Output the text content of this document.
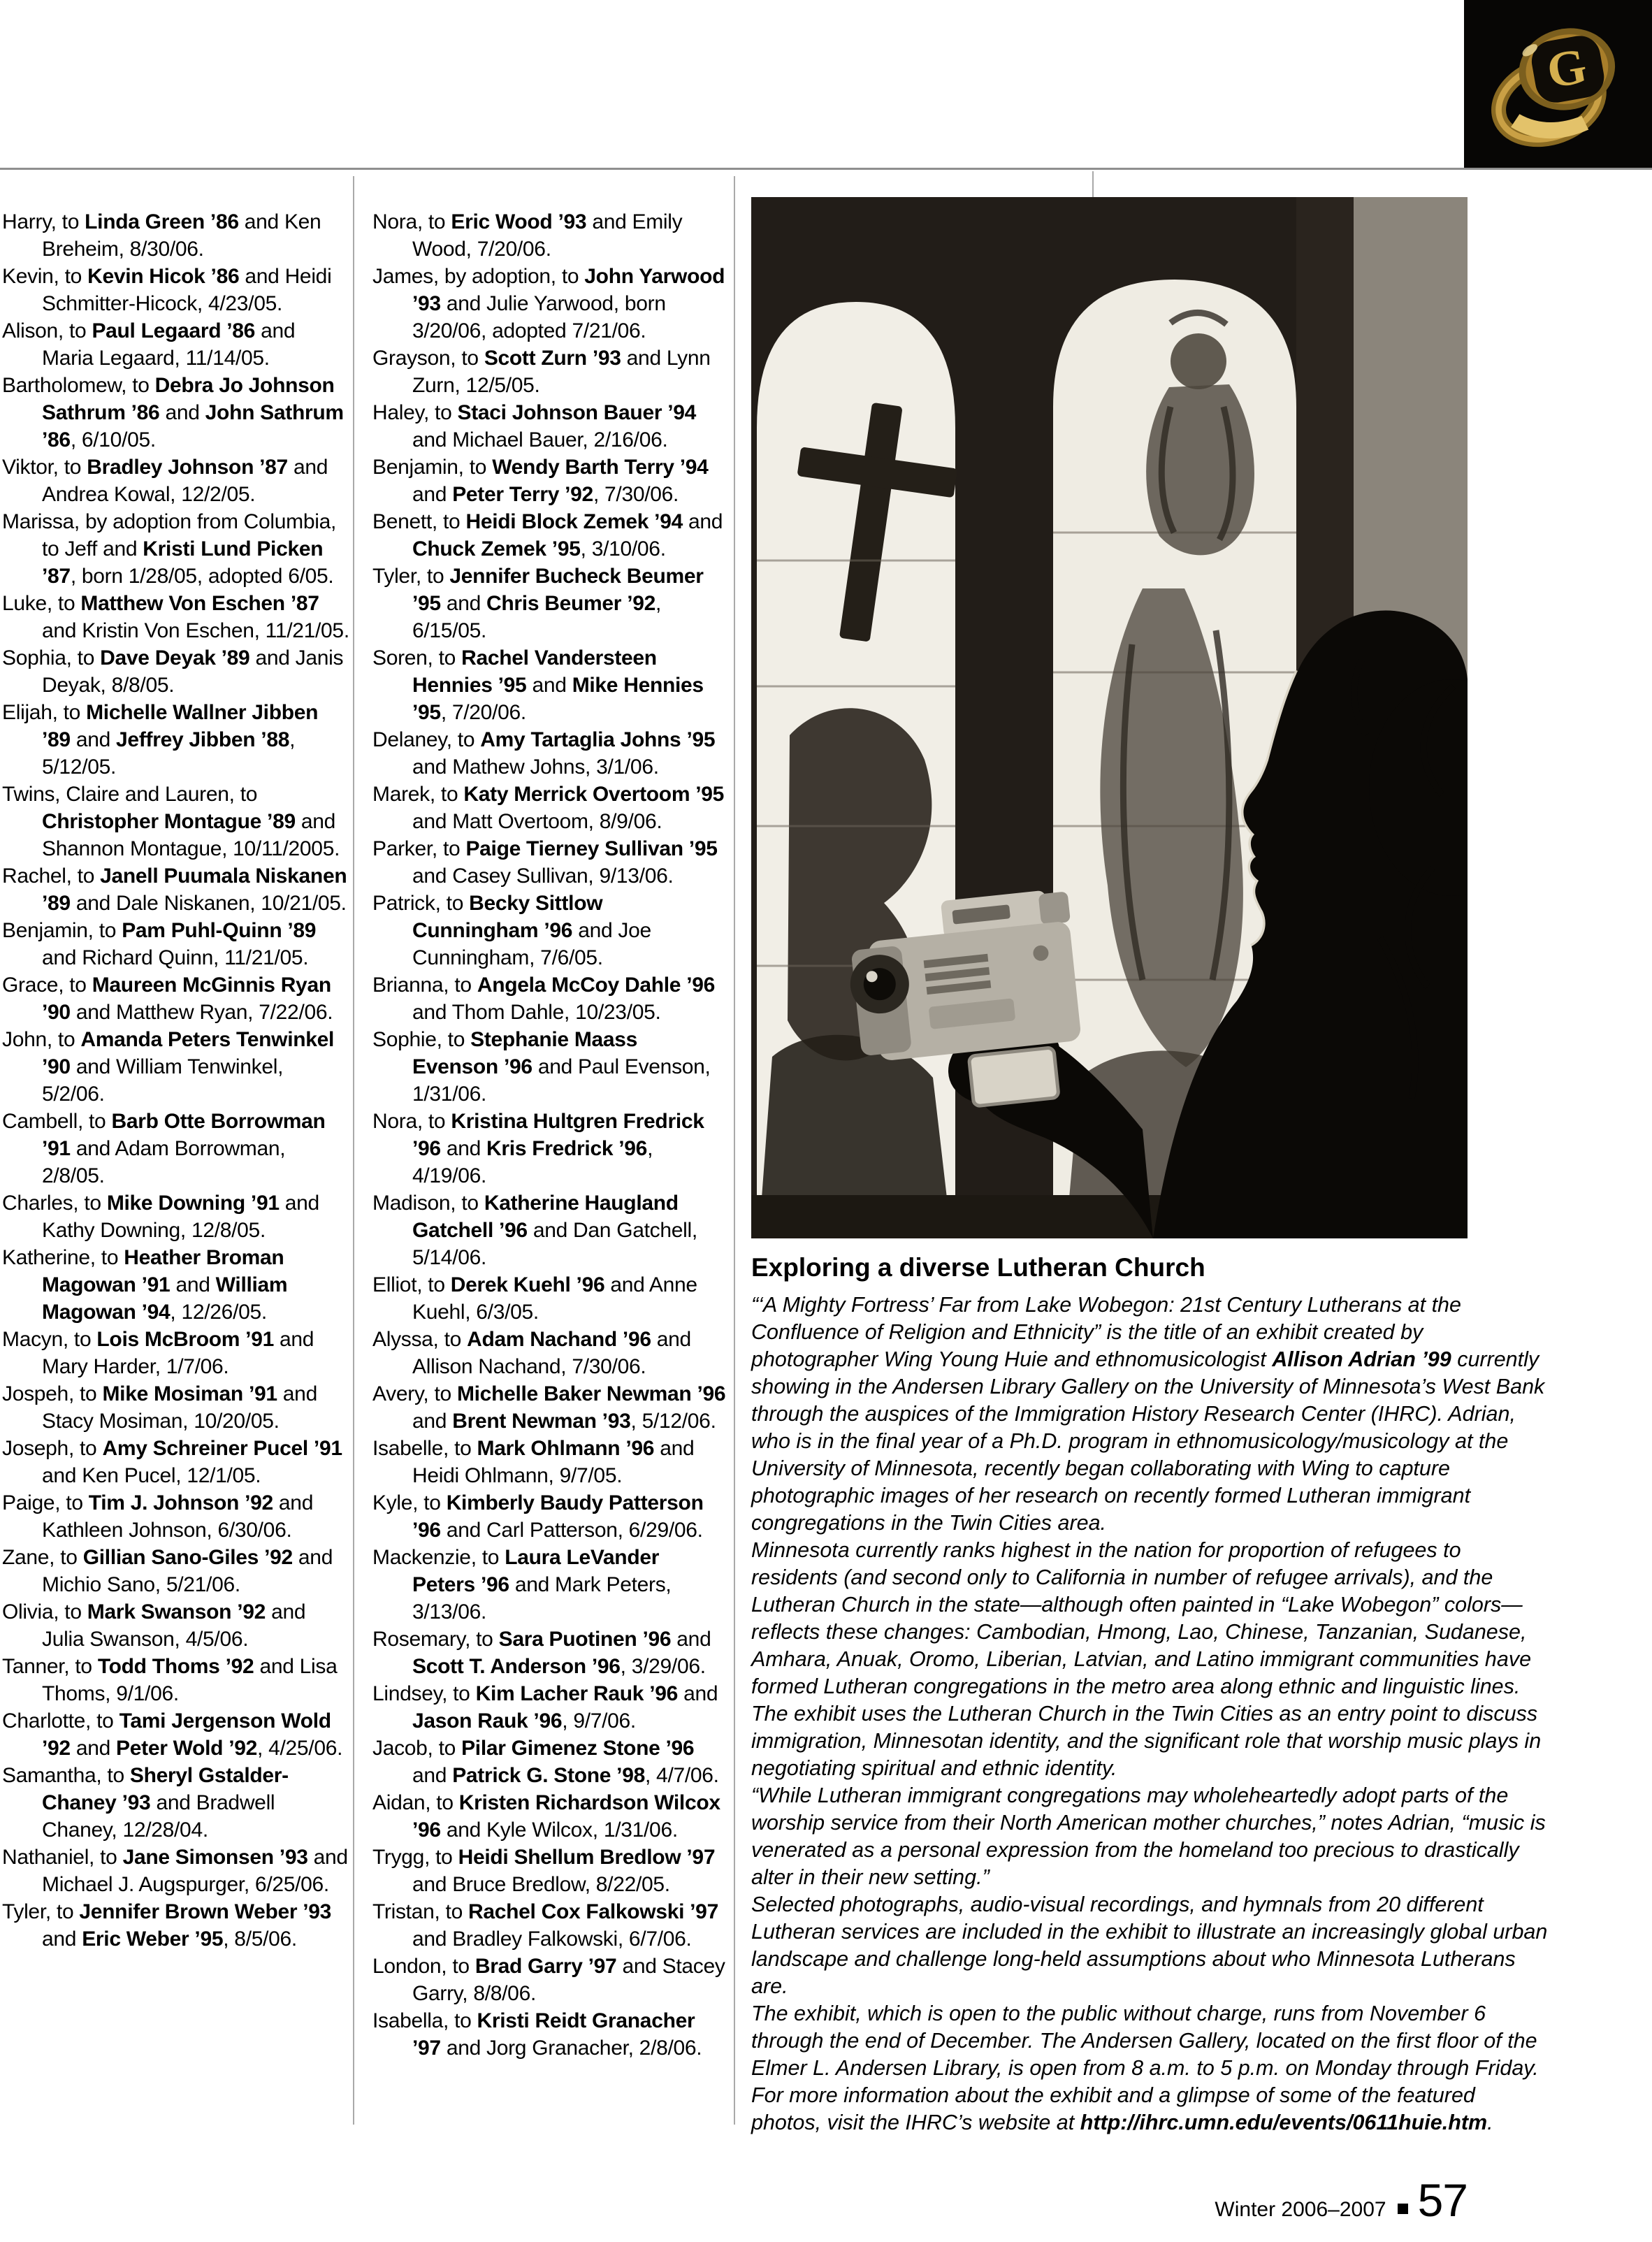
G

Harry, to Linda Green ’86 and Ken Breheim, 8/30/06.

Kevin, to Kevin Hicok ’86 and Heidi Schmitter-Hicock, 4/23/05.

Alison, to Paul Legaard ’86 and Maria Legaard, 11/14/05.

Bartholomew, to Debra Jo Johnson Sathrum ’86 and John Sathrum ’86, 6/10/05.

Viktor, to Bradley Johnson ’87 and Andrea Kowal, 12/2/05.

Marissa, by adoption from Columbia, to Jeff and Kristi Lund Picken ’87, born 1/28/05, adopted 6/05.

Luke, to Matthew Von Eschen ’87 and Kristin Von Eschen, 11/21/05.

Sophia, to Dave Deyak ’89 and Janis Deyak, 8/8/05.

Elijah, to Michelle Wallner Jibben ’89 and Jeffrey Jibben ’88, 5/12/05.

Twins, Claire and Lauren, to Christopher Montague ’89 and Shannon Montague, 10/11/2005.

Rachel, to Janell Puumala Niskanen ’89 and Dale Niskanen, 10/21/05.

Benjamin, to Pam Puhl-Quinn ’89 and Richard Quinn, 11/21/05.

Grace, to Maureen McGinnis Ryan ’90 and Matthew Ryan, 7/22/06.

John, to Amanda Peters Tenwinkel ’90 and William Tenwinkel, 5/2/06.

Cambell, to Barb Otte Borrowman ’91 and Adam Borrowman, 2/8/05.

Charles, to Mike Downing ’91 and Kathy Downing, 12/8/05.

Katherine, to Heather Broman Magowan ’91 and William Magowan ’94, 12/26/05.

Macyn, to Lois McBroom ’91 and Mary Harder, 1/7/06.

Jospeh, to Mike Mosiman ’91 and Stacy Mosiman, 10/20/05.

Joseph, to Amy Schreiner Pucel ’91 and Ken Pucel, 12/1/05.

Paige, to Tim J. Johnson ’92 and Kathleen Johnson, 6/30/06.

Zane, to Gillian Sano-Giles ’92 and Michio Sano, 5/21/06.

Olivia, to Mark Swanson ’92 and Julia Swanson, 4/5/06.

Tanner, to Todd Thoms ’92 and Lisa Thoms, 9/1/06.

Charlotte, to Tami Jergenson Wold ’92 and Peter Wold ’92, 4/25/06.

Samantha, to Sheryl Gstalder-Chaney ’93 and Bradwell Chaney, 12/28/04.

Nathaniel, to Jane Simonsen ’93 and Michael J. Augspurger, 6/25/06.

Tyler, to Jennifer Brown Weber ’93 and Eric Weber ’95, 8/5/06.

Nora, to Eric Wood ’93 and Emily Wood, 7/20/06.

James, by adoption, to John Yarwood ’93 and Julie Yarwood, born 3/20/06, adopted 7/21/06.

Grayson, to Scott Zurn ’93 and Lynn Zurn, 12/5/05.

Haley, to Staci Johnson Bauer ’94 and Michael Bauer, 2/16/06.

Benjamin, to Wendy Barth Terry ’94 and Peter Terry ’92, 7/30/06.

Benett, to Heidi Block Zemek ’94 and Chuck Zemek ’95, 3/10/06.

Tyler, to Jennifer Bucheck Beumer ’95 and Chris Beumer ’92, 6/15/05.

Soren, to Rachel Vandersteen Hennies ’95 and Mike Hennies ’95, 7/20/06.

Delaney, to Amy Tartaglia Johns ’95 and Mathew Johns, 3/1/06.

Marek, to Katy Merrick Overtoom ’95 and Matt Overtoom, 8/9/06.

Parker, to Paige Tierney Sullivan ’95 and Casey Sullivan, 9/13/06.

Patrick, to Becky Sittlow Cunningham ’96 and Joe Cunningham, 7/6/05.

Brianna, to Angela McCoy Dahle ’96 and Thom Dahle, 10/23/05.

Sophie, to Stephanie Maass Evenson ’96 and Paul Evenson, 1/31/06.

Nora, to Kristina Hultgren Fredrick ’96 and Kris Fredrick ’96, 4/19/06.

Madison, to Katherine Haugland Gatchell ’96 and Dan Gatchell, 5/14/06.

Elliot, to Derek Kuehl ’96 and Anne Kuehl, 6/3/05.

Alyssa, to Adam Nachand ’96 and Allison Nachand, 7/30/06.

Avery, to Michelle Baker Newman ’96 and Brent Newman ’93, 5/12/06.

Isabelle, to Mark Ohlmann ’96 and Heidi Ohlmann, 9/7/05.

Kyle, to Kimberly Baudy Patterson ’96 and Carl Patterson, 6/29/06.

Mackenzie, to Laura LeVander Peters ’96 and Mark Peters, 3/13/06.

Rosemary, to Sara Puotinen ’96 and Scott T. Anderson ’96, 3/29/06.

Lindsey, to Kim Lacher Rauk ’96 and Jason Rauk ’96, 9/7/06.

Jacob, to Pilar Gimenez Stone ’96 and Patrick G. Stone ’98, 4/7/06.

Aidan, to Kristen Richardson Wilcox ’96 and Kyle Wilcox, 1/31/06.

Trygg, to Heidi Shellum Bredlow ’97 and Bruce Bredlow, 8/22/05.

Tristan, to Rachel Cox Falkowski ’97 and Bradley Falkowski, 6/7/06.

London, to Brad Garry ’97 and Stacey Garry, 8/8/06.

Isabella, to Kristi Reidt Granacher ’97 and Jorg Granacher, 2/8/06.

Exploring a diverse Lutheran Church

“‘A Mighty Fortress’ Far from Lake Wobegon: 21st Century Lutherans at the Confluence of Religion and Ethnicity” is the title of an exhibit created by photographer Wing Young Huie and ethnomusicologist Allison Adrian ’99 currently showing in the Andersen Library Gallery on the University of Minnesota’s West Bank through the auspices of the Immigration History Research Center (IHRC). Adrian, who is in the final year of a Ph.D. program in ethnomusicology/musicology at the University of Minnesota, recently began collaborating with Wing to capture photographic images of her research on recently formed Lutheran immigrant congregations in the Twin Cities area.

Minnesota currently ranks highest in the nation for proportion of refugees to residents (and second only to California in number of refugee arrivals), and the Lutheran Church in the state—although often painted in “Lake Wobegon” colors—reflects these changes: Cambodian, Hmong, Lao, Chinese, Tanzanian, Sudanese, Amhara, Anuak, Oromo, Liberian, Latvian, and Latino immigrant communities have formed Lutheran congregations in the metro area along ethnic and linguistic lines. The exhibit uses the Lutheran Church in the Twin Cities as an entry point to discuss immigration, Minnesotan identity, and the significant role that worship music plays in negotiating spiritual and ethnic identity.

“While Lutheran immigrant congregations may wholeheartedly adopt parts of the worship service from their North American mother churches,” notes Adrian, “music is venerated as a personal expression from the homeland too precious to drastically alter in their new setting.”

Selected photographs, audio-visual recordings, and hymnals from 20 different Lutheran services are included in the exhibit to illustrate an increasingly global urban landscape and challenge long-held assumptions about who Minnesota Lutherans are.

The exhibit, which is open to the public without charge, runs from November 6 through the end of December. The Andersen Gallery, located on the first floor of the Elmer L. Andersen Library, is open from 8 a.m. to 5 p.m. on Monday through Friday. For more information about the exhibit and a glimpse of some of the featured photos, visit the IHRC’s website at http://ihrc.umn.edu/events/0611huie.htm.

Winter 2006–2007 57
